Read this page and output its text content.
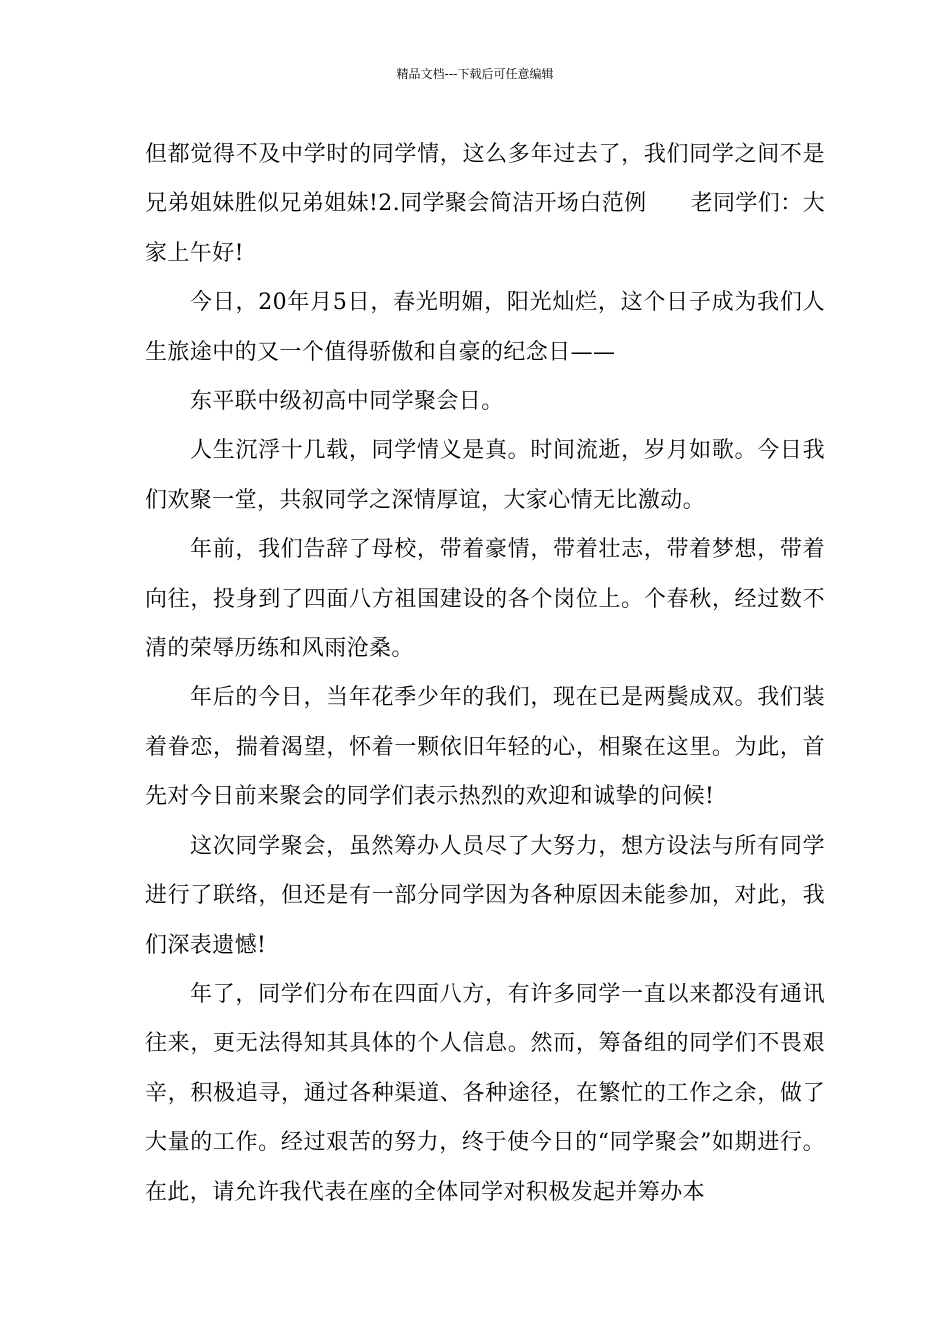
精品文档---下载后可任意编辑

但都觉得不及中学时的同学情，这么多年过去了，我们同学之间不是兄弟姐妹胜似兄弟姐妹!2.同学聚会简洁开场白范例 老同学们：大家上午好!

今日，20年月5日，春光明媚，阳光灿烂，这个日子成为我们人生旅途中的又一个值得骄傲和自豪的纪念日——

东平联中级初高中同学聚会日。

人生沉浮十几载，同学情义是真。时间流逝，岁月如歌。今日我们欢聚一堂，共叙同学之深情厚谊，大家心情无比激动。

年前，我们告辞了母校，带着豪情，带着壮志，带着梦想，带着向往，投身到了四面八方祖国建设的各个岗位上。个春秋，经过数不清的荣辱历练和风雨沧桑。

年后的今日，当年花季少年的我们，现在已是两鬓成双。我们装着眷恋，揣着渴望，怀着一颗依旧年轻的心，相聚在这里。为此，首先对今日前来聚会的同学们表示热烈的欢迎和诚挚的问候!

这次同学聚会，虽然筹办人员尽了大努力，想方设法与所有同学进行了联络，但还是有一部分同学因为各种原因未能参加，对此，我们深表遗憾!

年了，同学们分布在四面八方，有许多同学一直以来都没有通讯往来，更无法得知其具体的个人信息。然而，筹备组的同学们不畏艰辛，积极追寻，通过各种渠道、各种途径，在繁忙的工作之余，做了大量的工作。经过艰苦的努力，终于使今日的“同学聚会”如期进行。在此，请允许我代表在座的全体同学对积极发起并筹办本
